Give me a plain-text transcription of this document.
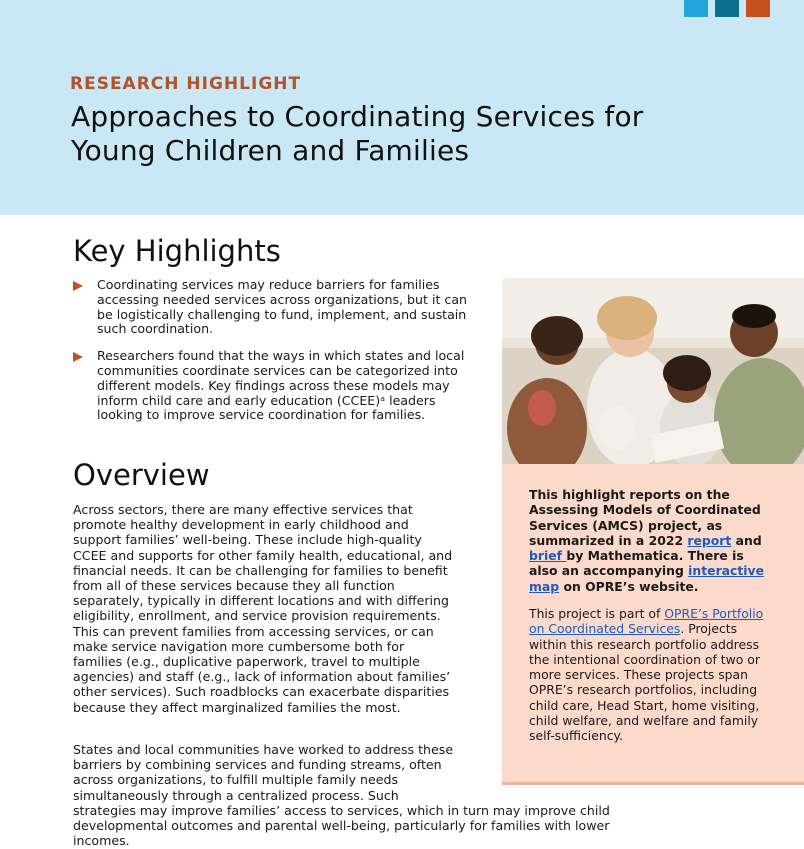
RESEARCH HIGHLIGHT
Approaches to Coordinating Services for
Young Children and Families
Key Highlights
Coordinating services may reduce barriers for families accessing needed services across organizations, but it can be logistically challenging to fund, implement, and sustain such coordination.
Researchers found that the ways in which states and local communities coordinate services can be categorized into different models. Key findings across these models may inform child care and early education (CCEE)ᵃ leaders looking to improve service coordination for families.
Overview
Across sectors, there are many effective services that promote healthy development in early childhood and support families’ well-being. These include high-quality CCEE and supports for other family health, educational, and financial needs. It can be challenging for families to benefit from all of these services because they all function separately, typically in different locations and with differing eligibility, enrollment, and service provision requirements. This can prevent families from accessing services, or can make service navigation more cumbersome both for families (e.g., duplicative paperwork, travel to multiple agencies) and staff (e.g., lack of information about families’ other services). Such roadblocks can exacerbate disparities because they affect marginalized families the most.
States and local communities have worked to address these barriers by combining services and funding streams, often across organizations, to fulfill multiple family needs simultaneously through a centralized process. Such
strategies may improve families’ access to services, which in turn may improve child developmental outcomes and parental well-being, particularly for families with lower incomes.
This highlight reports on the Assessing Models of Coordinated Services (AMCS) project, as summarized in a 2022 report and brief by Mathematica. There is also an accompanying interactive map on OPRE’s website.
This project is part of OPRE’s Portfolio on Coordinated Services. Projects within this research portfolio address the intentional coordination of two or more services. These projects span OPRE’s research portfolios, including child care, Head Start, home visiting, child welfare, and welfare and family self-sufficiency.
